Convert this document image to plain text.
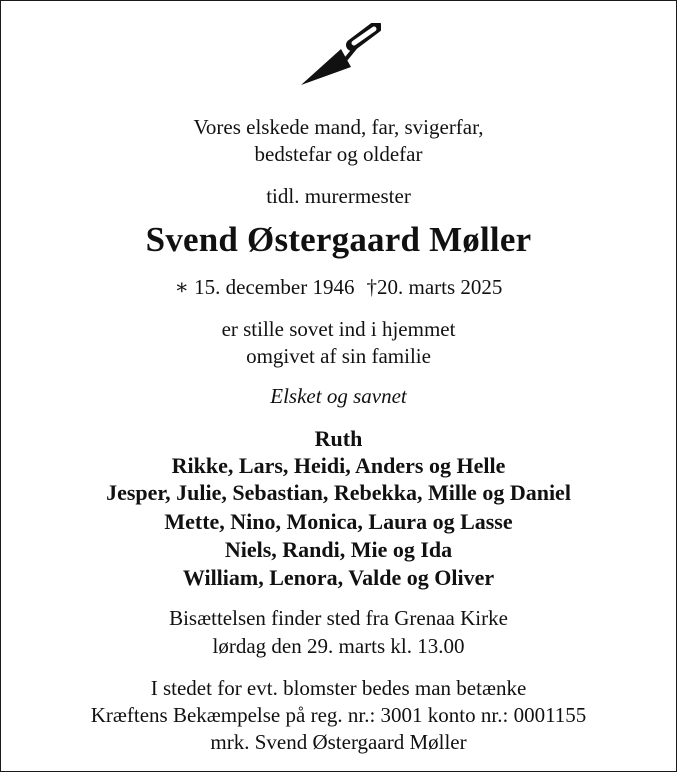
Vores elskede mand, far, svigerfar,
bedstefar og oldefar
tidl. murermester
Svend Østergaard Møller
∗ 15. december 1946 †20. marts 2025
er stille sovet ind i hjemmet
omgivet af sin familie
Elsket og savnet
Ruth
Rikke, Lars, Heidi, Anders og Helle
Jesper, Julie, Sebastian, Rebekka, Mille og Daniel
Mette, Nino, Monica, Laura og Lasse
Niels, Randi, Mie og Ida
William, Lenora, Valde og Oliver
Bisættelsen finder sted fra Grenaa Kirke
lørdag den 29. marts kl. 13.00
I stedet for evt. blomster bedes man betænke
Kræftens Bekæmpelse på reg. nr.: 3001 konto nr.: 0001155
mrk. Svend Østergaard Møller
